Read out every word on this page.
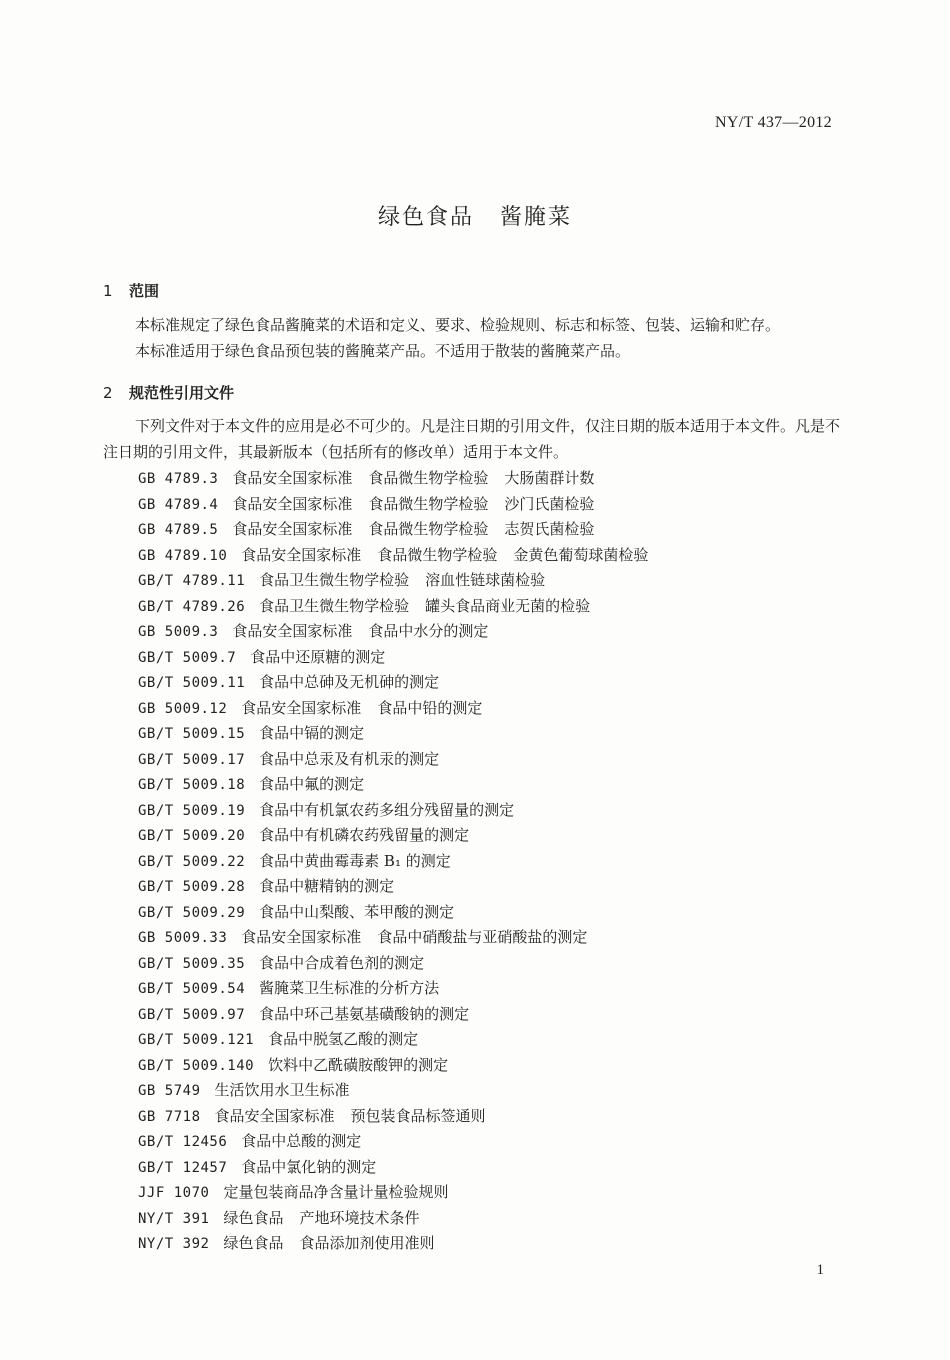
NY/T 437—2012
绿色食品 酱腌菜
1 范围
本标准规定了绿色食品酱腌菜的术语和定义、要求、检验规则、标志和标签、包装、运输和贮存。
本标准适用于绿色食品预包装的酱腌菜产品。不适用于散装的酱腌菜产品。
2 规范性引用文件
下列文件对于本文件的应用是必不可少的。凡是注日期的引用文件，仅注日期的版本适用于本文件。凡是不注日期的引用文件，其最新版本（包括所有的修改单）适用于本文件。
GB 4789.3 食品安全国家标准 食品微生物学检验 大肠菌群计数
GB 4789.4 食品安全国家标准 食品微生物学检验 沙门氏菌检验
GB 4789.5 食品安全国家标准 食品微生物学检验 志贺氏菌检验
GB 4789.10 食品安全国家标准 食品微生物学检验 金黄色葡萄球菌检验
GB/T 4789.11 食品卫生微生物学检验 溶血性链球菌检验
GB/T 4789.26 食品卫生微生物学检验 罐头食品商业无菌的检验
GB 5009.3 食品安全国家标准 食品中水分的测定
GB/T 5009.7 食品中还原糖的测定
GB/T 5009.11 食品中总砷及无机砷的测定
GB 5009.12 食品安全国家标准 食品中铅的测定
GB/T 5009.15 食品中镉的测定
GB/T 5009.17 食品中总汞及有机汞的测定
GB/T 5009.18 食品中氟的测定
GB/T 5009.19 食品中有机氯农药多组分残留量的测定
GB/T 5009.20 食品中有机磷农药残留量的测定
GB/T 5009.22 食品中黄曲霉毒素 B₁ 的测定
GB/T 5009.28 食品中糖精钠的测定
GB/T 5009.29 食品中山梨酸、苯甲酸的测定
GB 5009.33 食品安全国家标准 食品中硝酸盐与亚硝酸盐的测定
GB/T 5009.35 食品中合成着色剂的测定
GB/T 5009.54 酱腌菜卫生标准的分析方法
GB/T 5009.97 食品中环己基氨基磺酸钠的测定
GB/T 5009.121 食品中脱氢乙酸的测定
GB/T 5009.140 饮料中乙酰磺胺酸钾的测定
GB 5749 生活饮用水卫生标准
GB 7718 食品安全国家标准 预包装食品标签通则
GB/T 12456 食品中总酸的测定
GB/T 12457 食品中氯化钠的测定
JJF 1070 定量包装商品净含量计量检验规则
NY/T 391 绿色食品 产地环境技术条件
NY/T 392 绿色食品 食品添加剂使用准则
1
